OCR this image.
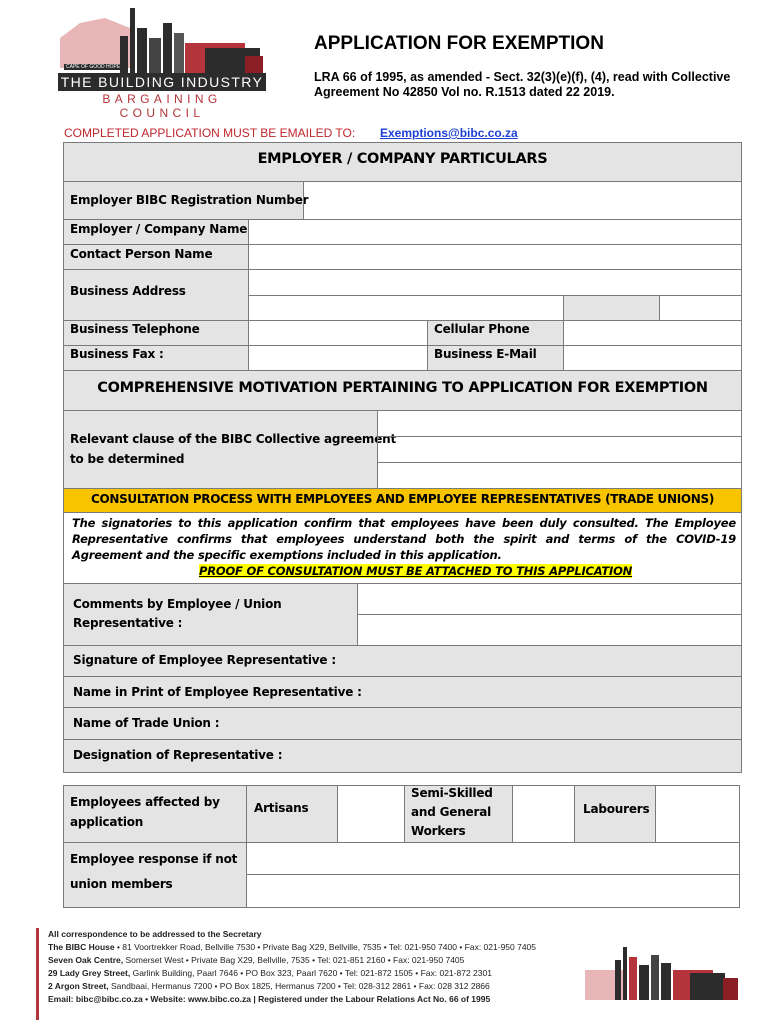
CAPE OF GOOD HOPE
THE BUILDING INDUSTRY
BARGAINING COUNCIL
APPLICATION FOR EXEMPTION
LRA 66 of 1995, as amended - Sect. 32(3)(e)(f), (4), read with Collective Agreement No 42850 Vol no. R.1513 dated 22 2019.
COMPLETED APPLICATION MUST BE EMAILED TO: Exemptions@bibc.co.za
EMPLOYER / COMPANY PARTICULARS
Employer BIBC Registration Number
Employer / Company Name
Contact Person Name
Business Address
Business Telephone	Cellular Phone
Business Fax :	Business E-Mail
COMPREHENSIVE MOTIVATION PERTAINING TO APPLICATION FOR EXEMPTION
Relevant clause of the BIBC Collective agreement
to be determined
CONSULTATION PROCESS WITH EMPLOYEES AND EMPLOYEE REPRESENTATIVES (TRADE UNIONS)
The signatories to this application confirm that employees have been duly consulted. The Employee Representative confirms that employees understand both the spirit and terms of the COVID-19 Agreement and the specific exemptions included in this application.
PROOF OF CONSULTATION MUST BE ATTACHED TO THIS APPLICATION
Comments by Employee / Union
Representative :
Signature of Employee Representative :
Name in Print of Employee Representative :
Name of Trade Union :
Designation of Representative :
Employees affected by
application
Artisans
Semi-Skilled
and General
Workers
Labourers
Employee response if not
union members
All correspondence to be addressed to the Secretary
The BIBC House • 81 Voortrekker Road, Bellville 7530 • Private Bag X29, Bellville, 7535 • Tel: 021-950 7400 • Fax: 021-950 7405
Seven Oak Centre, Somerset West • Private Bag X29, Bellville, 7535 • Tel: 021-851 2160 • Fax: 021-950 7405
29 Lady Grey Street, Garlink Building, Paarl 7646 • PO Box 323, Paarl 7620 • Tel: 021-872 1505 • Fax: 021-872 2301
2 Argon Street, Sandbaai, Hermanus 7200 • PO Box 1825, Hermanus 7200 • Tel: 028-312 2861 • Fax: 028 312 2866
Email: bibc@bibc.co.za • Website: www.bibc.co.za | Registered under the Labour Relations Act No. 66 of 1995
